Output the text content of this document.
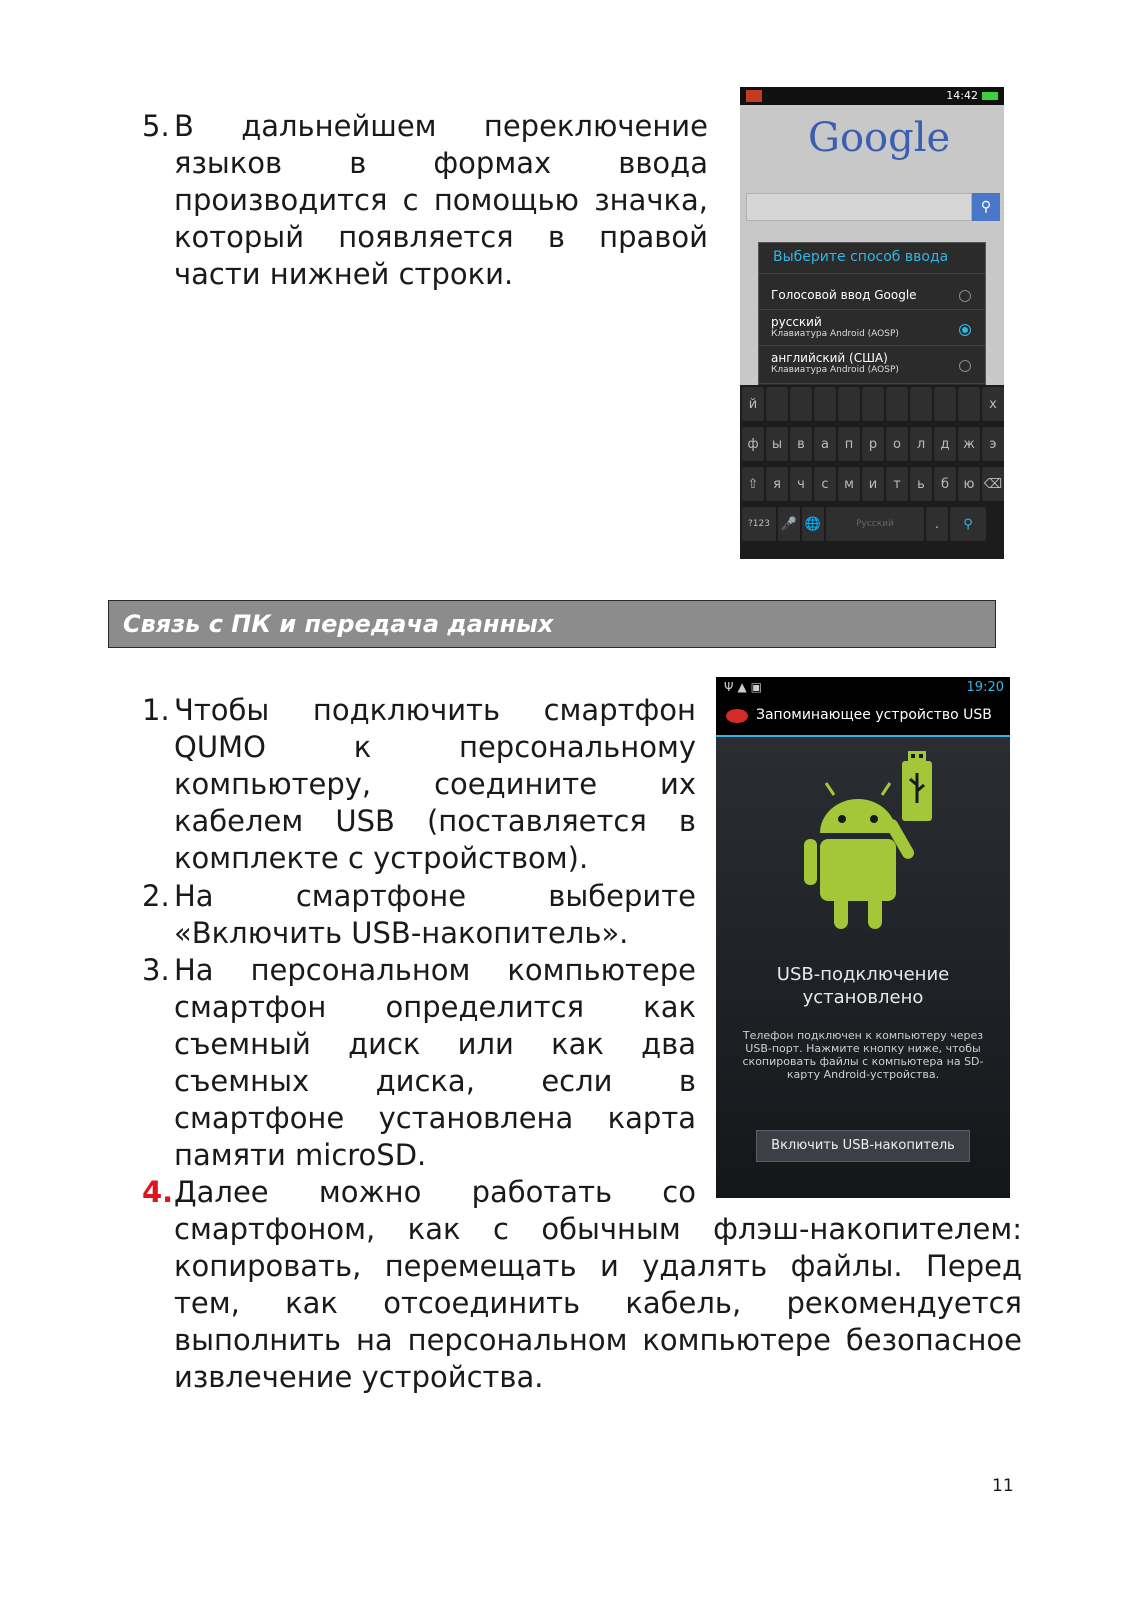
5. В дальнейшем переключение языков в формах ввода производится с помощью значка, который появляется в правой части нижней строки.
14:42
Google
⚲
Выберите способ ввода
Голосовой ввод Google
русский
Клавиатура Android (AOSP)
английский (США)
Клавиатура Android (AOSP)
й	х
ф	ы	в	а	п	р	о	л	д	ж	э
⇧	я	ч	с	м	и	т	ь	б	ю ⌫
?123 🎤 🌐	Русский	.	⚲
Связь с ПК и передача данных
1. Чтобы подключить смартфон QUMO к персональному компьютеру, соедините их кабелем USB (поставляется в комплекте с устройством).
2. На смартфоне выберите «Включить USB-накопитель».
3. На персональном компьютере смартфон определится как съемный диск или как два съемных диска, если в смартфоне установлена карта памяти microSD.
4. Далее можно работать со
смартфоном, как с обычным флэш-накопителем: копировать, перемещать и удалять файлы. Перед тем, как отсоединить кабель, рекомендуется выполнить на персональном компьютере безопасное извлечение устройства.
Ψ▲▣	19:20
Запоминающее устройство USB
USB-подключение установлено
Телефон подключен к компьютеру через USB-порт. Нажмите кнопку ниже, чтобы скопировать файлы с компьютера на SD-карту Android-устройства.
Включить USB-накопитель
11
